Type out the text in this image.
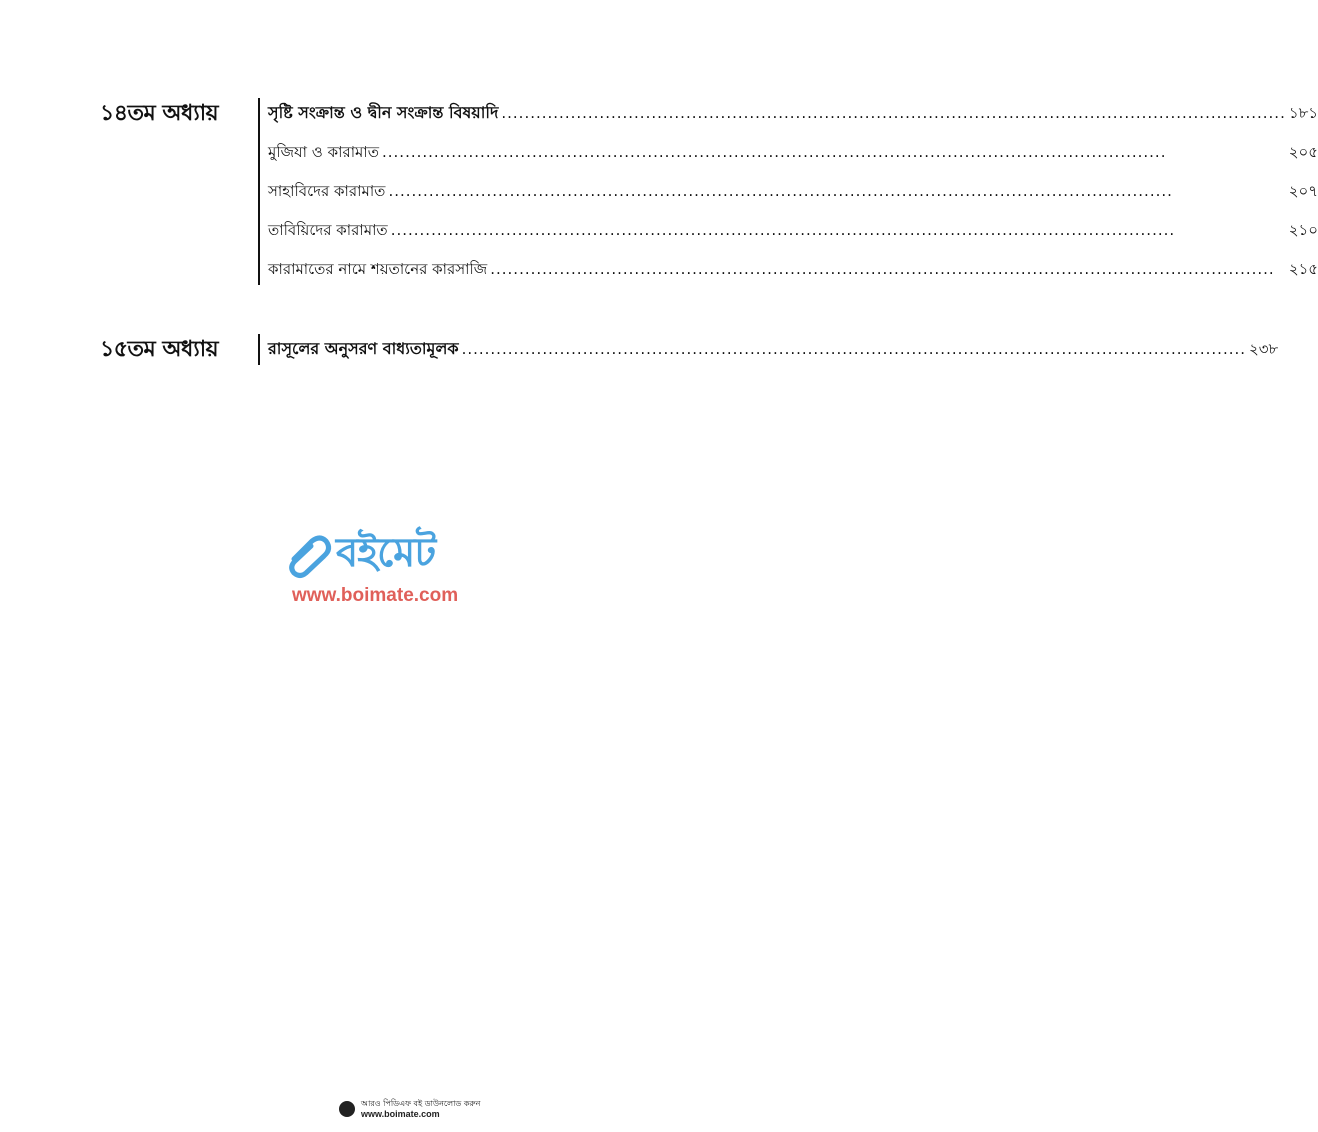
১৪তম অধ্যায়	সৃষ্টি সংক্রান্ত ও দ্বীন সংক্রান্ত বিষয়াদি .....	১৮১
মুজিযা ও কারামাত .....	২০৫
সাহাবিদের কারামাত .....	২০৭
তাবিয়িদের কারামাত .....	২১০
কারামাতের নামে শয়তানের কারসাজি .....	২১৫
১৫তম অধ্যায়	রাসূলের অনুসরণ বাধ্যতামূলক .....	২৩৮
বইমেট
www.boimate.com
আরও পিডিএফ বই ডাউনলোড করুন
www.boimate.com
